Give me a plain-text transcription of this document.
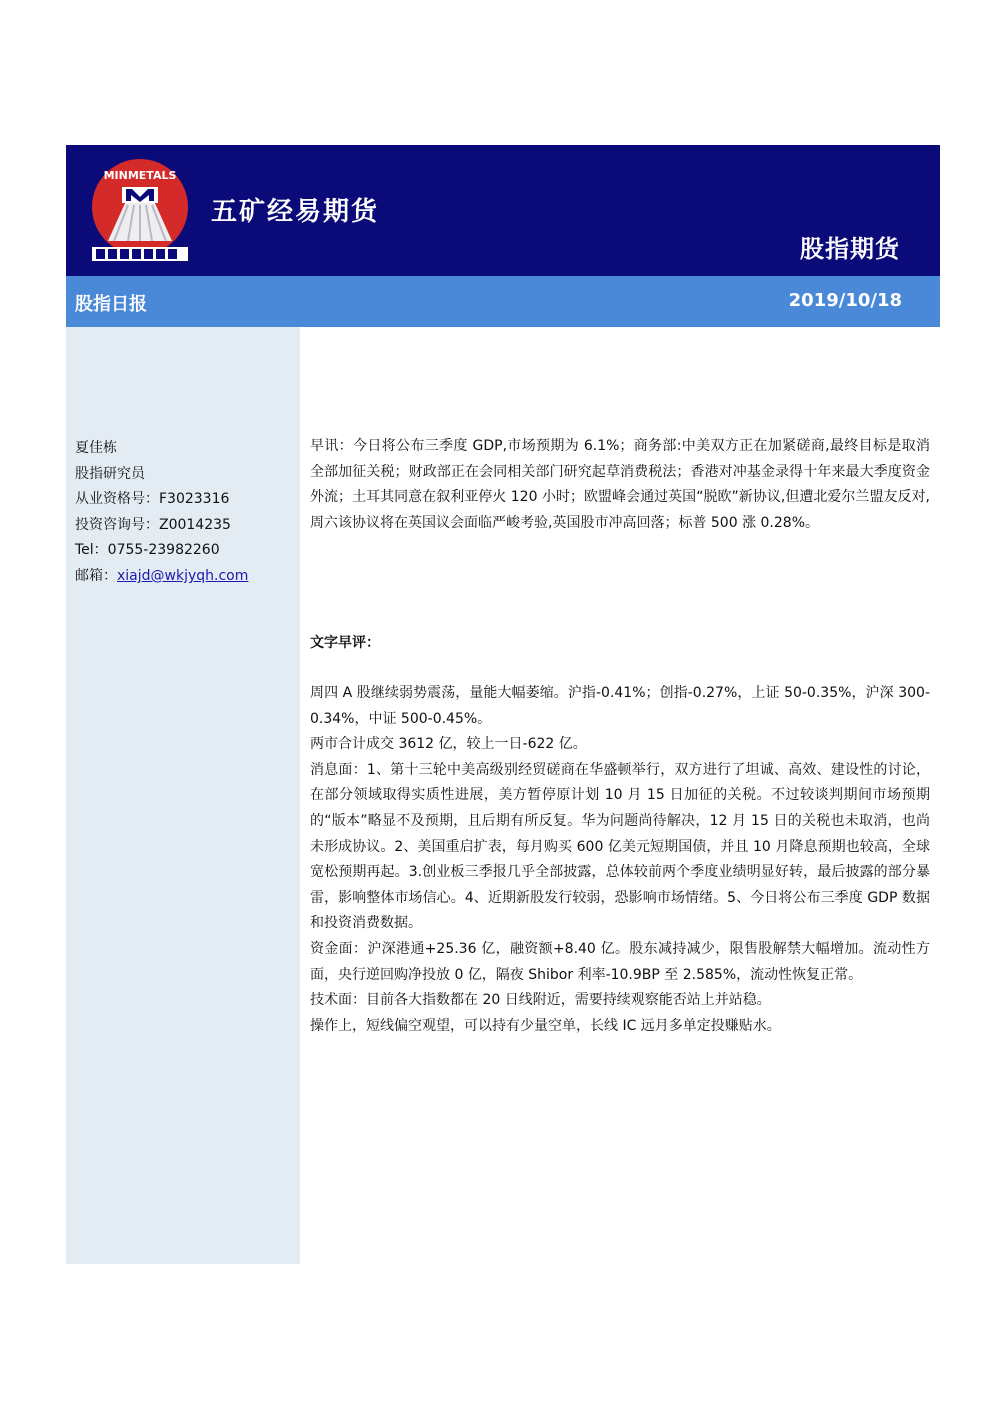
MINMETALS
五矿经易期货
股指期货
股指日报	2019/10/18
夏佳栋
股指研究员
从业资格号：F3023316
投资咨询号：Z0014235
Tel：0755-23982260
邮箱：xiajd@wkjyqh.com

早讯：今日将公布三季度 GDP,市场预期为 6.1%；商务部:中美双方正在加紧磋商,最终目标是取消全部加征关税；财政部正在会同相关部门研究起草消费税法；香港对冲基金录得十年来最大季度资金外流；土耳其同意在叙利亚停火 120 小时；欧盟峰会通过英国“脱欧”新协议,但遭北爱尔兰盟友反对,周六该协议将在英国议会面临严峻考验,英国股市冲高回落；标普 500 涨 0.28%。

文字早评：

周四 A 股继续弱势震荡，量能大幅萎缩。沪指-0.41%；创指-0.27%，上证 50-0.35%，沪深 300-0.34%，中证 500-0.45%。

两市合计成交 3612 亿，较上一日-622 亿。

消息面：1、第十三轮中美高级别经贸磋商在华盛顿举行，双方进行了坦诚、高效、建设性的讨论，在部分领域取得实质性进展，美方暂停原计划 10 月 15 日加征的关税。不过较谈判期间市场预期的“版本”略显不及预期，且后期有所反复。华为问题尚待解决，12 月 15 日的关税也未取消，也尚未形成协议。2、美国重启扩表，每月购买 600 亿美元短期国债，并且 10 月降息预期也较高，全球宽松预期再起。3.创业板三季报几乎全部披露，总体较前两个季度业绩明显好转，最后披露的部分暴雷，影响整体市场信心。4、近期新股发行较弱，恐影响市场情绪。5、今日将公布三季度 GDP 数据和投资消费数据。

资金面：沪深港通+25.36 亿，融资额+8.40 亿。股东减持减少，限售股解禁大幅增加。流动性方面，央行逆回购净投放 0 亿，隔夜 Shibor 利率-10.9BP 至 2.585%，流动性恢复正常。

技术面：目前各大指数都在 20 日线附近，需要持续观察能否站上并站稳。

操作上，短线偏空观望，可以持有少量空单，长线 IC 远月多单定投赚贴水。
